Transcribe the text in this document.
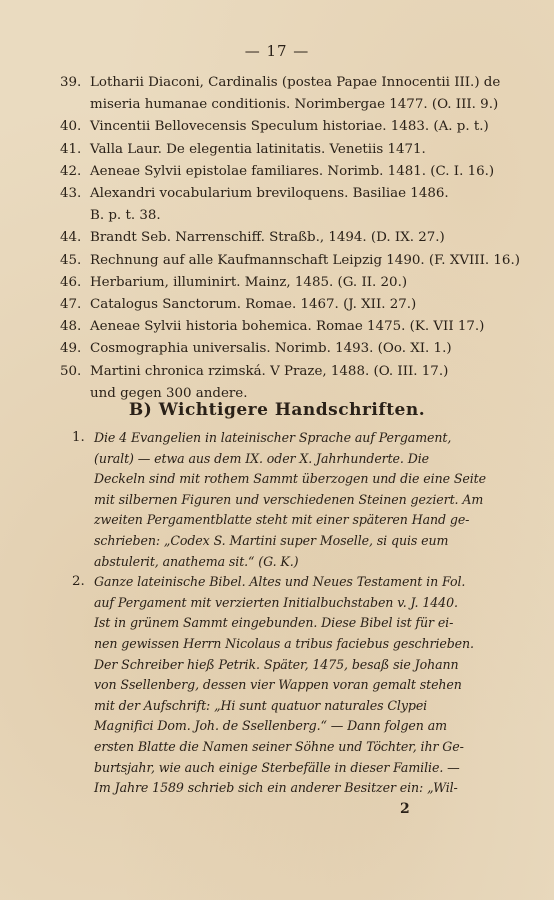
— 17 —
39. Lotharii Diaconi, Cardinalis (postea Papae Innocentii III.) de
miseria humanae conditionis. Norimbergae 1477. (O. III. 9.)
40. Vincentii Bellovecensis Speculum historiae. 1483. (A. p. t.)
41. Valla Laur. De elegentia latinitatis. Venetiis 1471.
42. Aeneae Sylvii epistolae familiares. Norimb. 1481. (C. I. 16.)
43. Alexandri vocabularium breviloquens. Basiliae 1486.
B. p. t. 38.
44. Brandt Seb. Narrenschiff. Straßb., 1494. (D. IX. 27.)
45. Rechnung auf alle Kaufmannschaft Leipzig 1490. (F. XVIII. 16.)
46. Herbarium, illuminirt. Mainz, 1485. (G. II. 20.)
47. Catalogus Sanctorum. Romae. 1467. (J. XII. 27.)
48. Aeneae Sylvii historia bohemica. Romae 1475. (K. VII 17.)
49. Cosmographia universalis. Norimb. 1493. (Oo. XI. 1.)
50. Martini chronica rzimská. V Praze, 1488. (O. III. 17.)
und gegen 300 andere.
B) Wichtigere Handschriften.
1. Die 4 Evangelien in lateinischer Sprache auf Pergament,
(uralt) — etwa aus dem IX. oder X. Jahrhunderte. Die
Deckeln sind mit rothem Sammt überzogen und die eine Seite
mit silbernen Figuren und verschiedenen Steinen geziert. Am
zweiten Pergamentblatte steht mit einer späteren Hand ge-
schrieben: „Codex S. Martini super Moselle, si quis eum
abstulerit, anathema sit.“ (G. K.)
2. Ganze lateinische Bibel. Altes und Neues Testament in Fol.
auf Pergament mit verzierten Initialbuchstaben v. J. 1440.
Ist in grünem Sammt eingebunden. Diese Bibel ist für ei-
nen gewissen Herrn Nicolaus a tribus faciebus geschrieben.
Der Schreiber hieß Petrik. Später, 1475, besaß sie Johann
von Ssellenberg, dessen vier Wappen voran gemalt stehen
mit der Aufschrift: „Hi sunt quatuor naturales Clypei
Magnifici Dom. Joh. de Ssellenberg.“ — Dann folgen am
ersten Blatte die Namen seiner Söhne und Töchter, ihr Ge-
burtsjahr, wie auch einige Sterbefälle in dieser Familie. —
Im Jahre 1589 schrieb sich ein anderer Besitzer ein: „Wil-
2
